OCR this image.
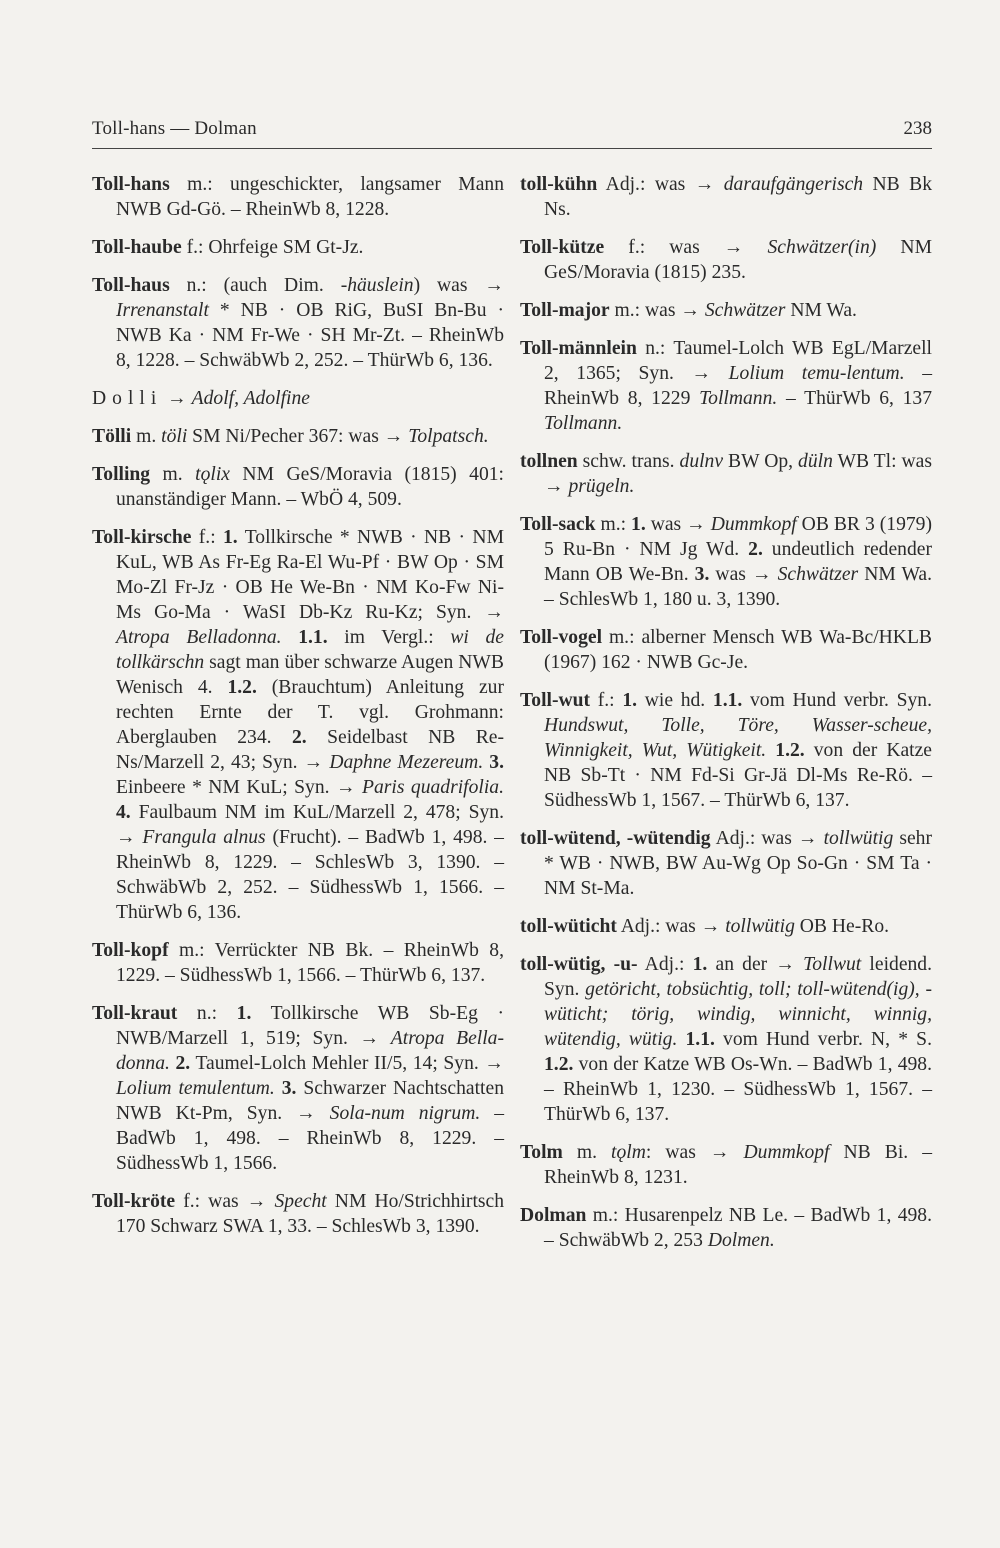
Toll-hans — Dolman	238

Toll-hans m.: ungeschickter, langsamer Mann NWB Gd-Gö. – RheinWb 8, 1228.

Toll-haube f.: Ohrfeige SM Gt-Jz.

Toll-haus n.: (auch Dim. -häuslein) was → Irrenanstalt * NB · OB RiG, BuSI Bn-Bu · NWB Ka · NM Fr-We · SH Mr-Zt. – RheinWb 8, 1228. – SchwäbWb 2, 252. – ThürWb 6, 136.

Dolli → Adolf, Adolfine

Tölli m. töli SM Ni/Pecher 367: was → Tolpatsch.

Tolling m. tǫlix NM GeS/Moravia (1815) 401: unanständiger Mann. – WbÖ 4, 509.

Toll-kirsche f.: 1. Tollkirsche * NWB · NB · NM KuL, WB As Fr-Eg Ra-El Wu-Pf · BW Op · SM Mo-Zl Fr-Jz · OB He We-Bn · NM Ko-Fw Ni-Ms Go-Ma · WaSI Db-Kz Ru-Kz; Syn. → Atropa Belladonna. 1.1. im Vergl.: wi de tollkärschn sagt man über schwarze Augen NWB Wenisch 4. 1.2. (Brauchtum) Anleitung zur rechten Ernte der T. vgl. Grohmann: Aberglauben 234. 2. Seidelbast NB Re-Ns/Marzell 2, 43; Syn. → Daphne Mezereum. 3. Einbeere * NM KuL; Syn. → Paris quadrifolia. 4. Faulbaum NM im KuL/Marzell 2, 478; Syn. → Frangula alnus (Frucht). – BadWb 1, 498. – RheinWb 8, 1229. – SchlesWb 3, 1390. – SchwäbWb 2, 252. – SüdhessWb 1, 1566. – ThürWb 6, 136.

Toll-kopf m.: Verrückter NB Bk. – RheinWb 8, 1229. – SüdhessWb 1, 1566. – ThürWb 6, 137.

Toll-kraut n.: 1. Tollkirsche WB Sb-Eg · NWB/Marzell 1, 519; Syn. → Atropa Bella-donna. 2. Taumel-Lolch Mehler II/5, 14; Syn. → Lolium temulentum. 3. Schwarzer Nachtschatten NWB Kt-Pm, Syn. → Sola-num nigrum. – BadWb 1, 498. – RheinWb 8, 1229. – SüdhessWb 1, 1566.

Toll-kröte f.: was → Specht NM Ho/Strichhirtsch 170 Schwarz SWA 1, 33. – SchlesWb 3, 1390.

toll-kühn Adj.: was → daraufgängerisch NB Bk Ns.

Toll-kütze f.: was → Schwätzer(in) NM GeS/Moravia (1815) 235.

Toll-major m.: was → Schwätzer NM Wa.

Toll-männlein n.: Taumel-Lolch WB EgL/Marzell 2, 1365; Syn. → Lolium temu-lentum. – RheinWb 8, 1229 Tollmann. – ThürWb 6, 137 Tollmann.

tollnen schw. trans. dulnv BW Op, düln WB Tl: was → prügeln.

Toll-sack m.: 1. was → Dummkopf OB BR 3 (1979) 5 Ru-Bn · NM Jg Wd. 2. undeutlich redender Mann OB We-Bn. 3. was → Schwätzer NM Wa. – SchlesWb 1, 180 u. 3, 1390.

Toll-vogel m.: alberner Mensch WB Wa-Bc/HKLB (1967) 162 · NWB Gc-Je.

Toll-wut f.: 1. wie hd. 1.1. vom Hund verbr. Syn. Hundswut, Tolle, Töre, Wasser-scheue, Winnigkeit, Wut, Wütigkeit. 1.2. von der Katze NB Sb-Tt · NM Fd-Si Gr-Jä Dl-Ms Re-Rö. – SüdhessWb 1, 1567. – ThürWb 6, 137.

toll-wütend, -wütendig Adj.: was → tollwütig sehr * WB · NWB, BW Au-Wg Op So-Gn · SM Ta · NM St-Ma.

toll-wüticht Adj.: was → tollwütig OB He-Ro.

toll-wütig, -u- Adj.: 1. an der → Tollwut leidend. Syn. getöricht, tobsüchtig, toll; toll-wütend(ig), -wüticht; törig, windig, winnicht, winnig, wütendig, wütig. 1.1. vom Hund verbr. N, * S. 1.2. von der Katze WB Os-Wn. – BadWb 1, 498. – RheinWb 1, 1230. – SüdhessWb 1, 1567. – ThürWb 6, 137.

Tolm m. tǫlm: was → Dummkopf NB Bi. – RheinWb 8, 1231.

Dolman m.: Husarenpelz NB Le. – BadWb 1, 498. – SchwäbWb 2, 253 Dolmen.
